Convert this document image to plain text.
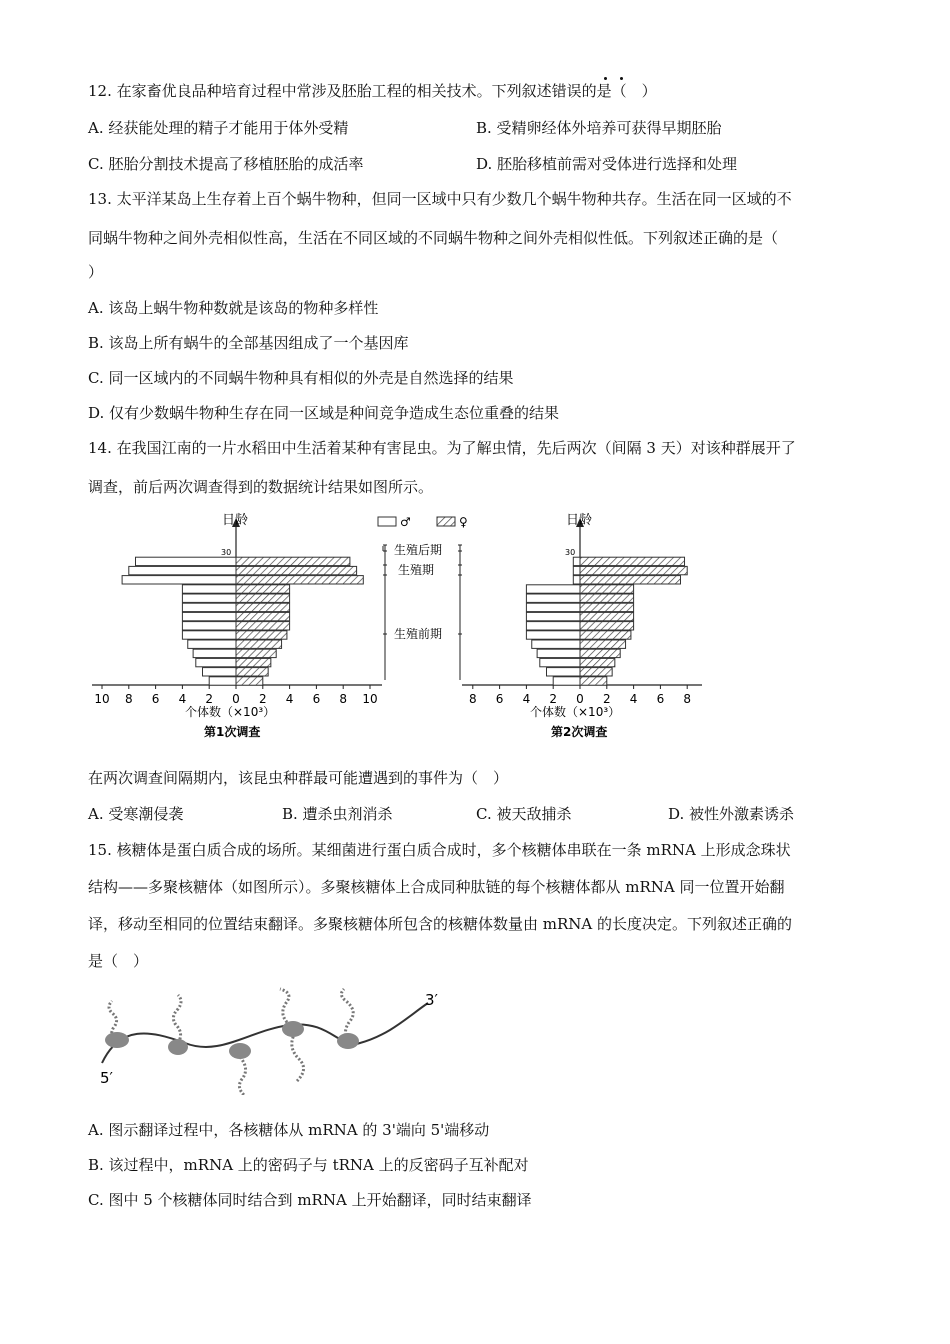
12. 在家畜优良品种培育过程中常涉及胚胎工程的相关技术。下列叙述错误的是（　）
A. 经获能处理的精子才能用于体外受精	B. 受精卵经体外培养可获得早期胚胎
C. 胚胎分割技术提高了移植胚胎的成活率	D. 胚胎移植前需对受体进行选择和处理
13. 太平洋某岛上生存着上百个蜗牛物种，但同一区域中只有少数几个蜗牛物种共存。生活在同一区域的不
同蜗牛物种之间外壳相似性高，生活在不同区域的不同蜗牛物种之间外壳相似性低。下列叙述正确的是（
）
A. 该岛上蜗牛物种数就是该岛的物种多样性
B. 该岛上所有蜗牛的全部基因组成了一个基因库
C. 同一区域内的不同蜗牛物种具有相似的外壳是自然选择的结果
D. 仅有少数蜗牛物种生存在同一区域是种间竞争造成生态位重叠的结果
14. 在我国江南的一片水稻田中生活着某种有害昆虫。为了解虫情，先后两次（间隔 3 天）对该种群展开了
调查，前后两次调查得到的数据统计结果如图所示。
日龄
30
10 8 6 4 2 0 2 4 6 8 10
个体数（×10³）
第1次调查
♂	♀
生殖后期
生殖期
生殖前期
日龄
30
8 6 4 2 0 2 4 6 8
个体数（×10³）
第2次调查
在两次调查间隔期内，该昆虫种群最可能遭遇到的事件为（　）
A. 受寒潮侵袭	B. 遭杀虫剂消杀	C. 被天敌捕杀	D. 被性外激素诱杀
15. 核糖体是蛋白质合成的场所。某细菌进行蛋白质合成时，多个核糖体串联在一条 mRNA 上形成念珠状
结构——多聚核糖体（如图所示）。多聚核糖体上合成同种肽链的每个核糖体都从 mRNA 同一位置开始翻
译，移动至相同的位置结束翻译。多聚核糖体所包含的核糖体数量由 mRNA 的长度决定。下列叙述正确的
是（　）
3′
5′
A. 图示翻译过程中，各核糖体从 mRNA 的 3'端向 5'端移动
B. 该过程中，mRNA 上的密码子与 tRNA 上的反密码子互补配对
C. 图中 5 个核糖体同时结合到 mRNA 上开始翻译，同时结束翻译
